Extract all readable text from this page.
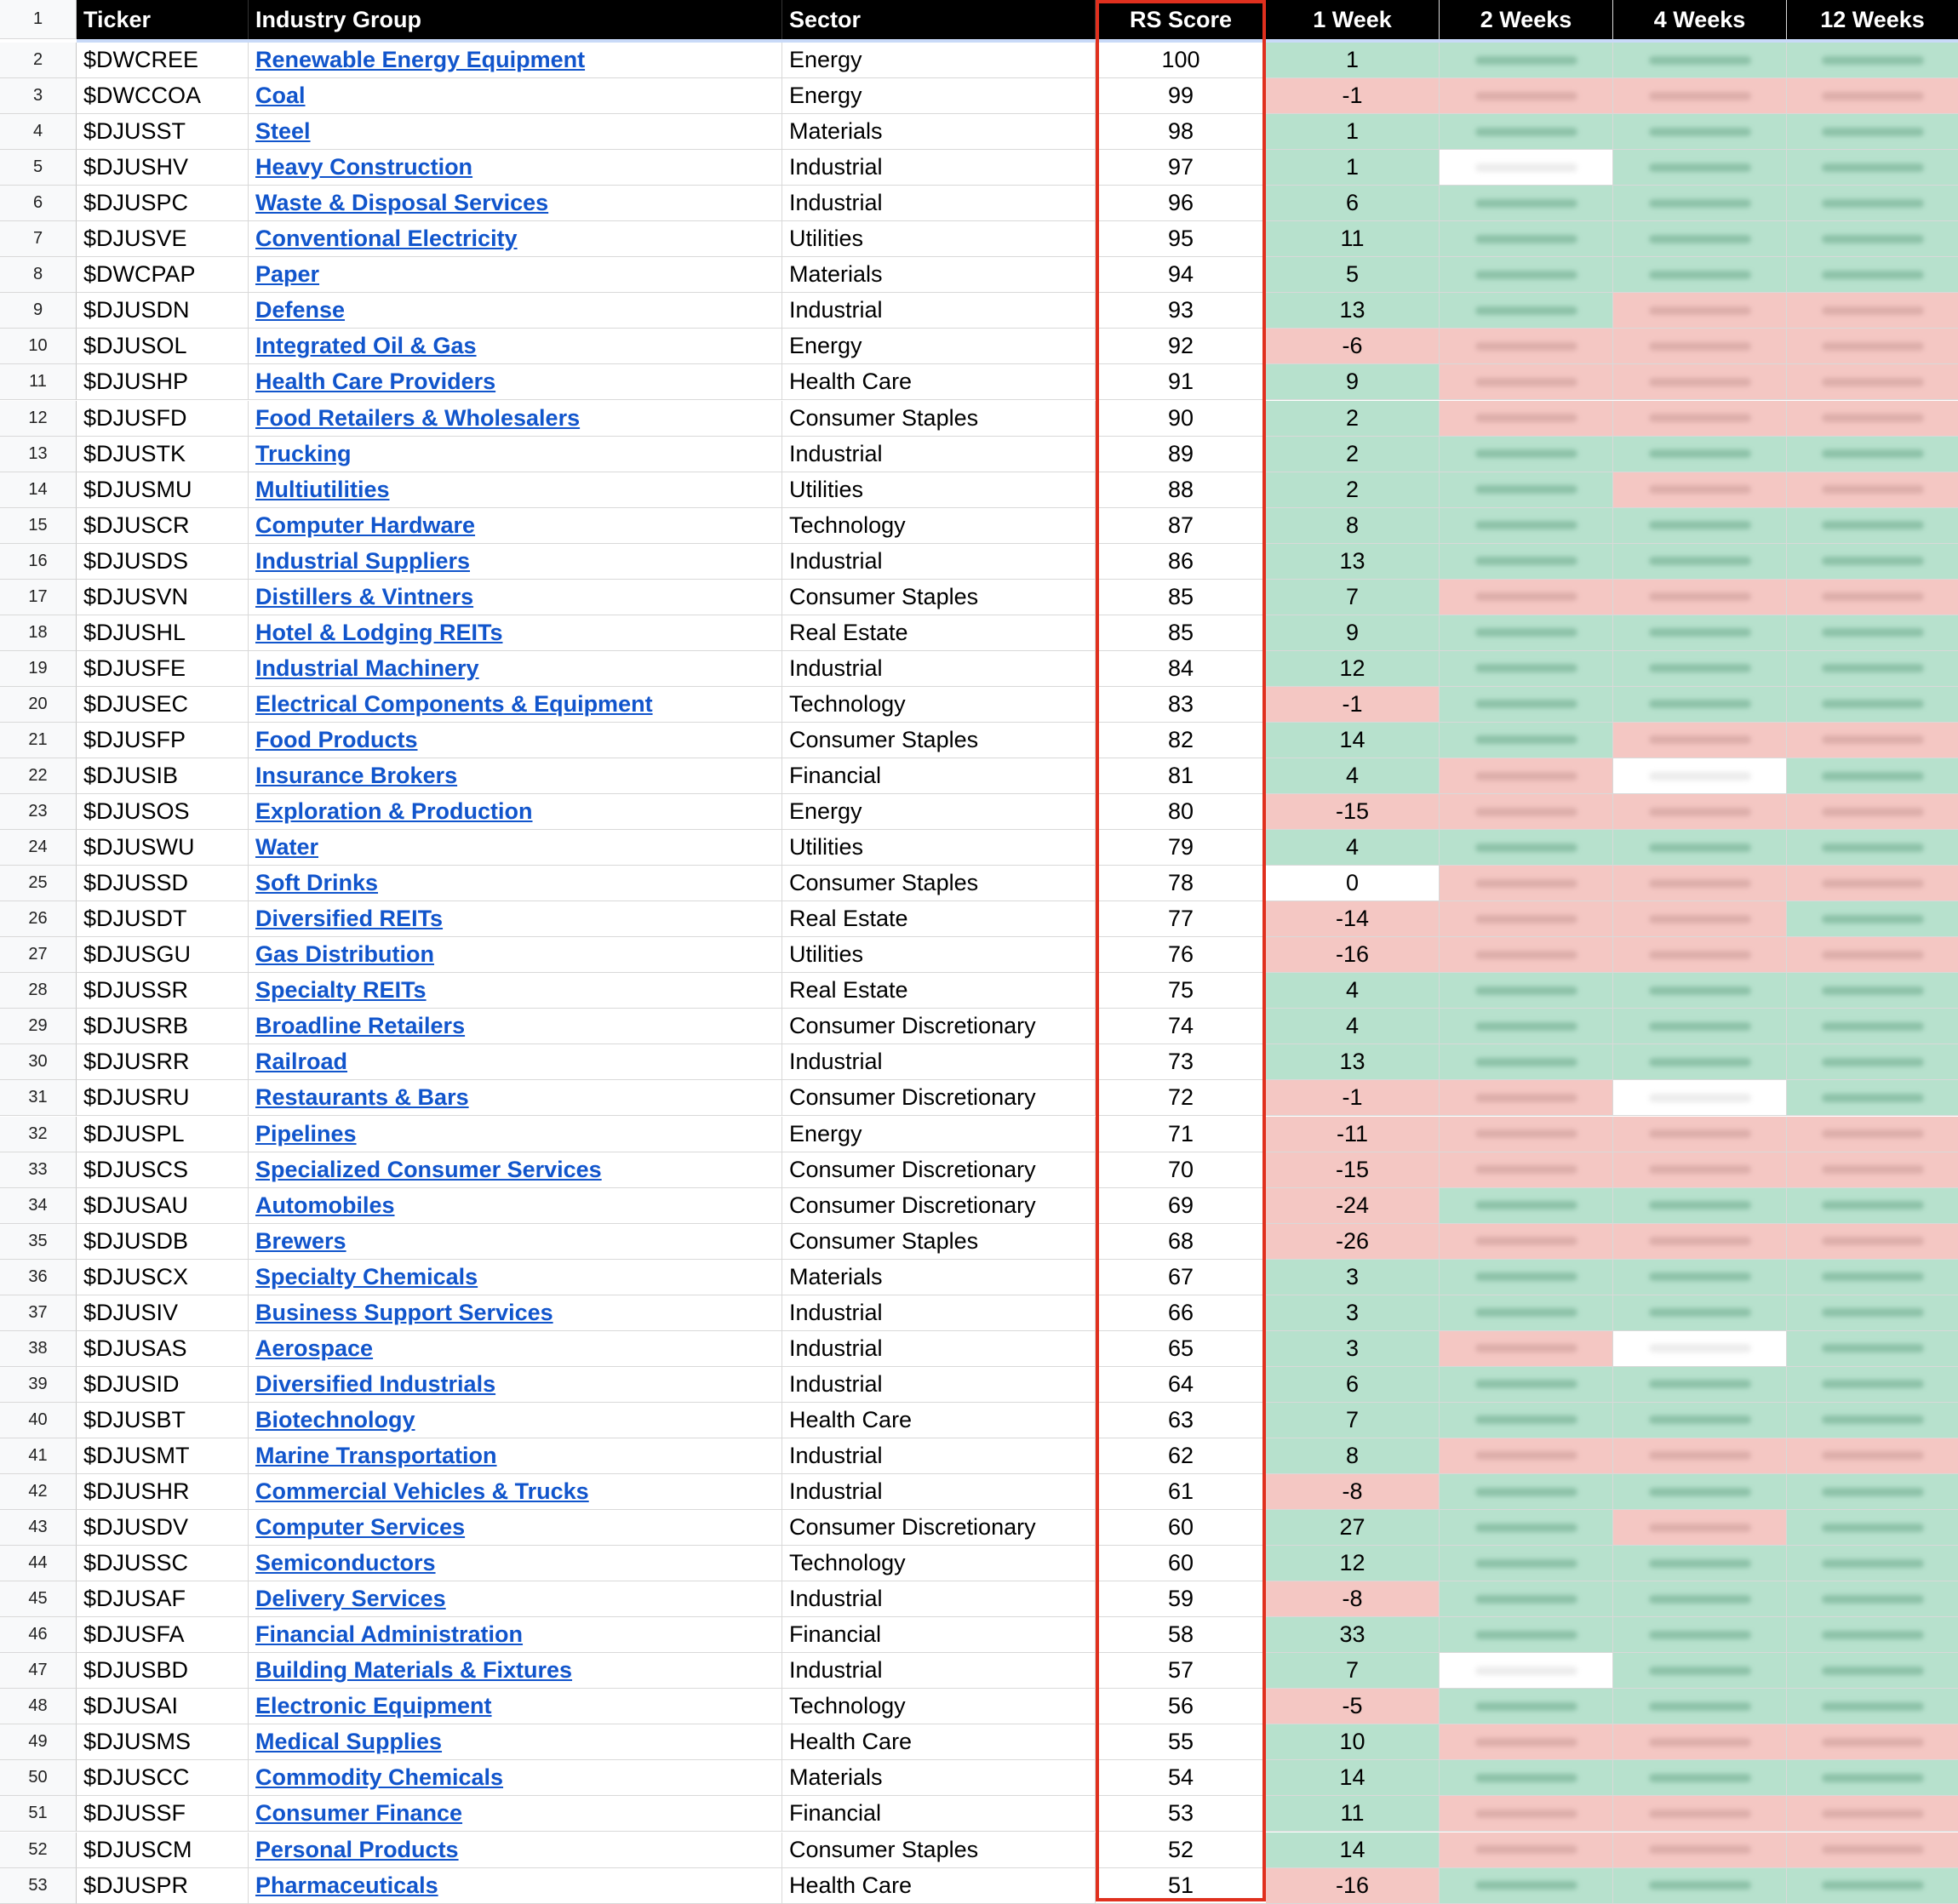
1	Ticker	Industry Group	Sector	RS Score	1 Week	2 Weeks	4 Weeks	12 Weeks
2	$DWCREE	Renewable Energy Equipment	Energy	100	1
3	$DWCCOA	Coal	Energy	99	-1
4	$DJUSST	Steel	Materials	98	1
5	$DJUSHV	Heavy Construction	Industrial	97	1
6	$DJUSPC	Waste & Disposal Services	Industrial	96	6
7	$DJUSVE	Conventional Electricity	Utilities	95	11
8	$DWCPAP	Paper	Materials	94	5
9	$DJUSDN	Defense	Industrial	93	13
10	$DJUSOL	Integrated Oil & Gas	Energy	92	-6
11	$DJUSHP	Health Care Providers	Health Care	91	9
12	$DJUSFD	Food Retailers & Wholesalers	Consumer Staples	90	2
13	$DJUSTK	Trucking	Industrial	89	2
14	$DJUSMU	Multiutilities	Utilities	88	2
15	$DJUSCR	Computer Hardware	Technology	87	8
16	$DJUSDS	Industrial Suppliers	Industrial	86	13
17	$DJUSVN	Distillers & Vintners	Consumer Staples	85	7
18	$DJUSHL	Hotel & Lodging REITs	Real Estate	85	9
19	$DJUSFE	Industrial Machinery	Industrial	84	12
20	$DJUSEC	Electrical Components & Equipment	Technology	83	-1
21	$DJUSFP	Food Products	Consumer Staples	82	14
22	$DJUSIB	Insurance Brokers	Financial	81	4
23	$DJUSOS	Exploration & Production	Energy	80	-15
24	$DJUSWU	Water	Utilities	79	4
25	$DJUSSD	Soft Drinks	Consumer Staples	78	0
26	$DJUSDT	Diversified REITs	Real Estate	77	-14
27	$DJUSGU	Gas Distribution	Utilities	76	-16
28	$DJUSSR	Specialty REITs	Real Estate	75	4
29	$DJUSRB	Broadline Retailers	Consumer Discretionary	74	4
30	$DJUSRR	Railroad	Industrial	73	13
31	$DJUSRU	Restaurants & Bars	Consumer Discretionary	72	-1
32	$DJUSPL	Pipelines	Energy	71	-11
33	$DJUSCS	Specialized Consumer Services	Consumer Discretionary	70	-15
34	$DJUSAU	Automobiles	Consumer Discretionary	69	-24
35	$DJUSDB	Brewers	Consumer Staples	68	-26
36	$DJUSCX	Specialty Chemicals	Materials	67	3
37	$DJUSIV	Business Support Services	Industrial	66	3
38	$DJUSAS	Aerospace	Industrial	65	3
39	$DJUSID	Diversified Industrials	Industrial	64	6
40	$DJUSBT	Biotechnology	Health Care	63	7
41	$DJUSMT	Marine Transportation	Industrial	62	8
42	$DJUSHR	Commercial Vehicles & Trucks	Industrial	61	-8
43	$DJUSDV	Computer Services	Consumer Discretionary	60	27
44	$DJUSSC	Semiconductors	Technology	60	12
45	$DJUSAF	Delivery Services	Industrial	59	-8
46	$DJUSFA	Financial Administration	Financial	58	33
47	$DJUSBD	Building Materials & Fixtures	Industrial	57	7
48	$DJUSAI	Electronic Equipment	Technology	56	-5
49	$DJUSMS	Medical Supplies	Health Care	55	10
50	$DJUSCC	Commodity Chemicals	Materials	54	14
51	$DJUSSF	Consumer Finance	Financial	53	11
52	$DJUSCM	Personal Products	Consumer Staples	52	14
53	$DJUSPR	Pharmaceuticals	Health Care	51	-16
